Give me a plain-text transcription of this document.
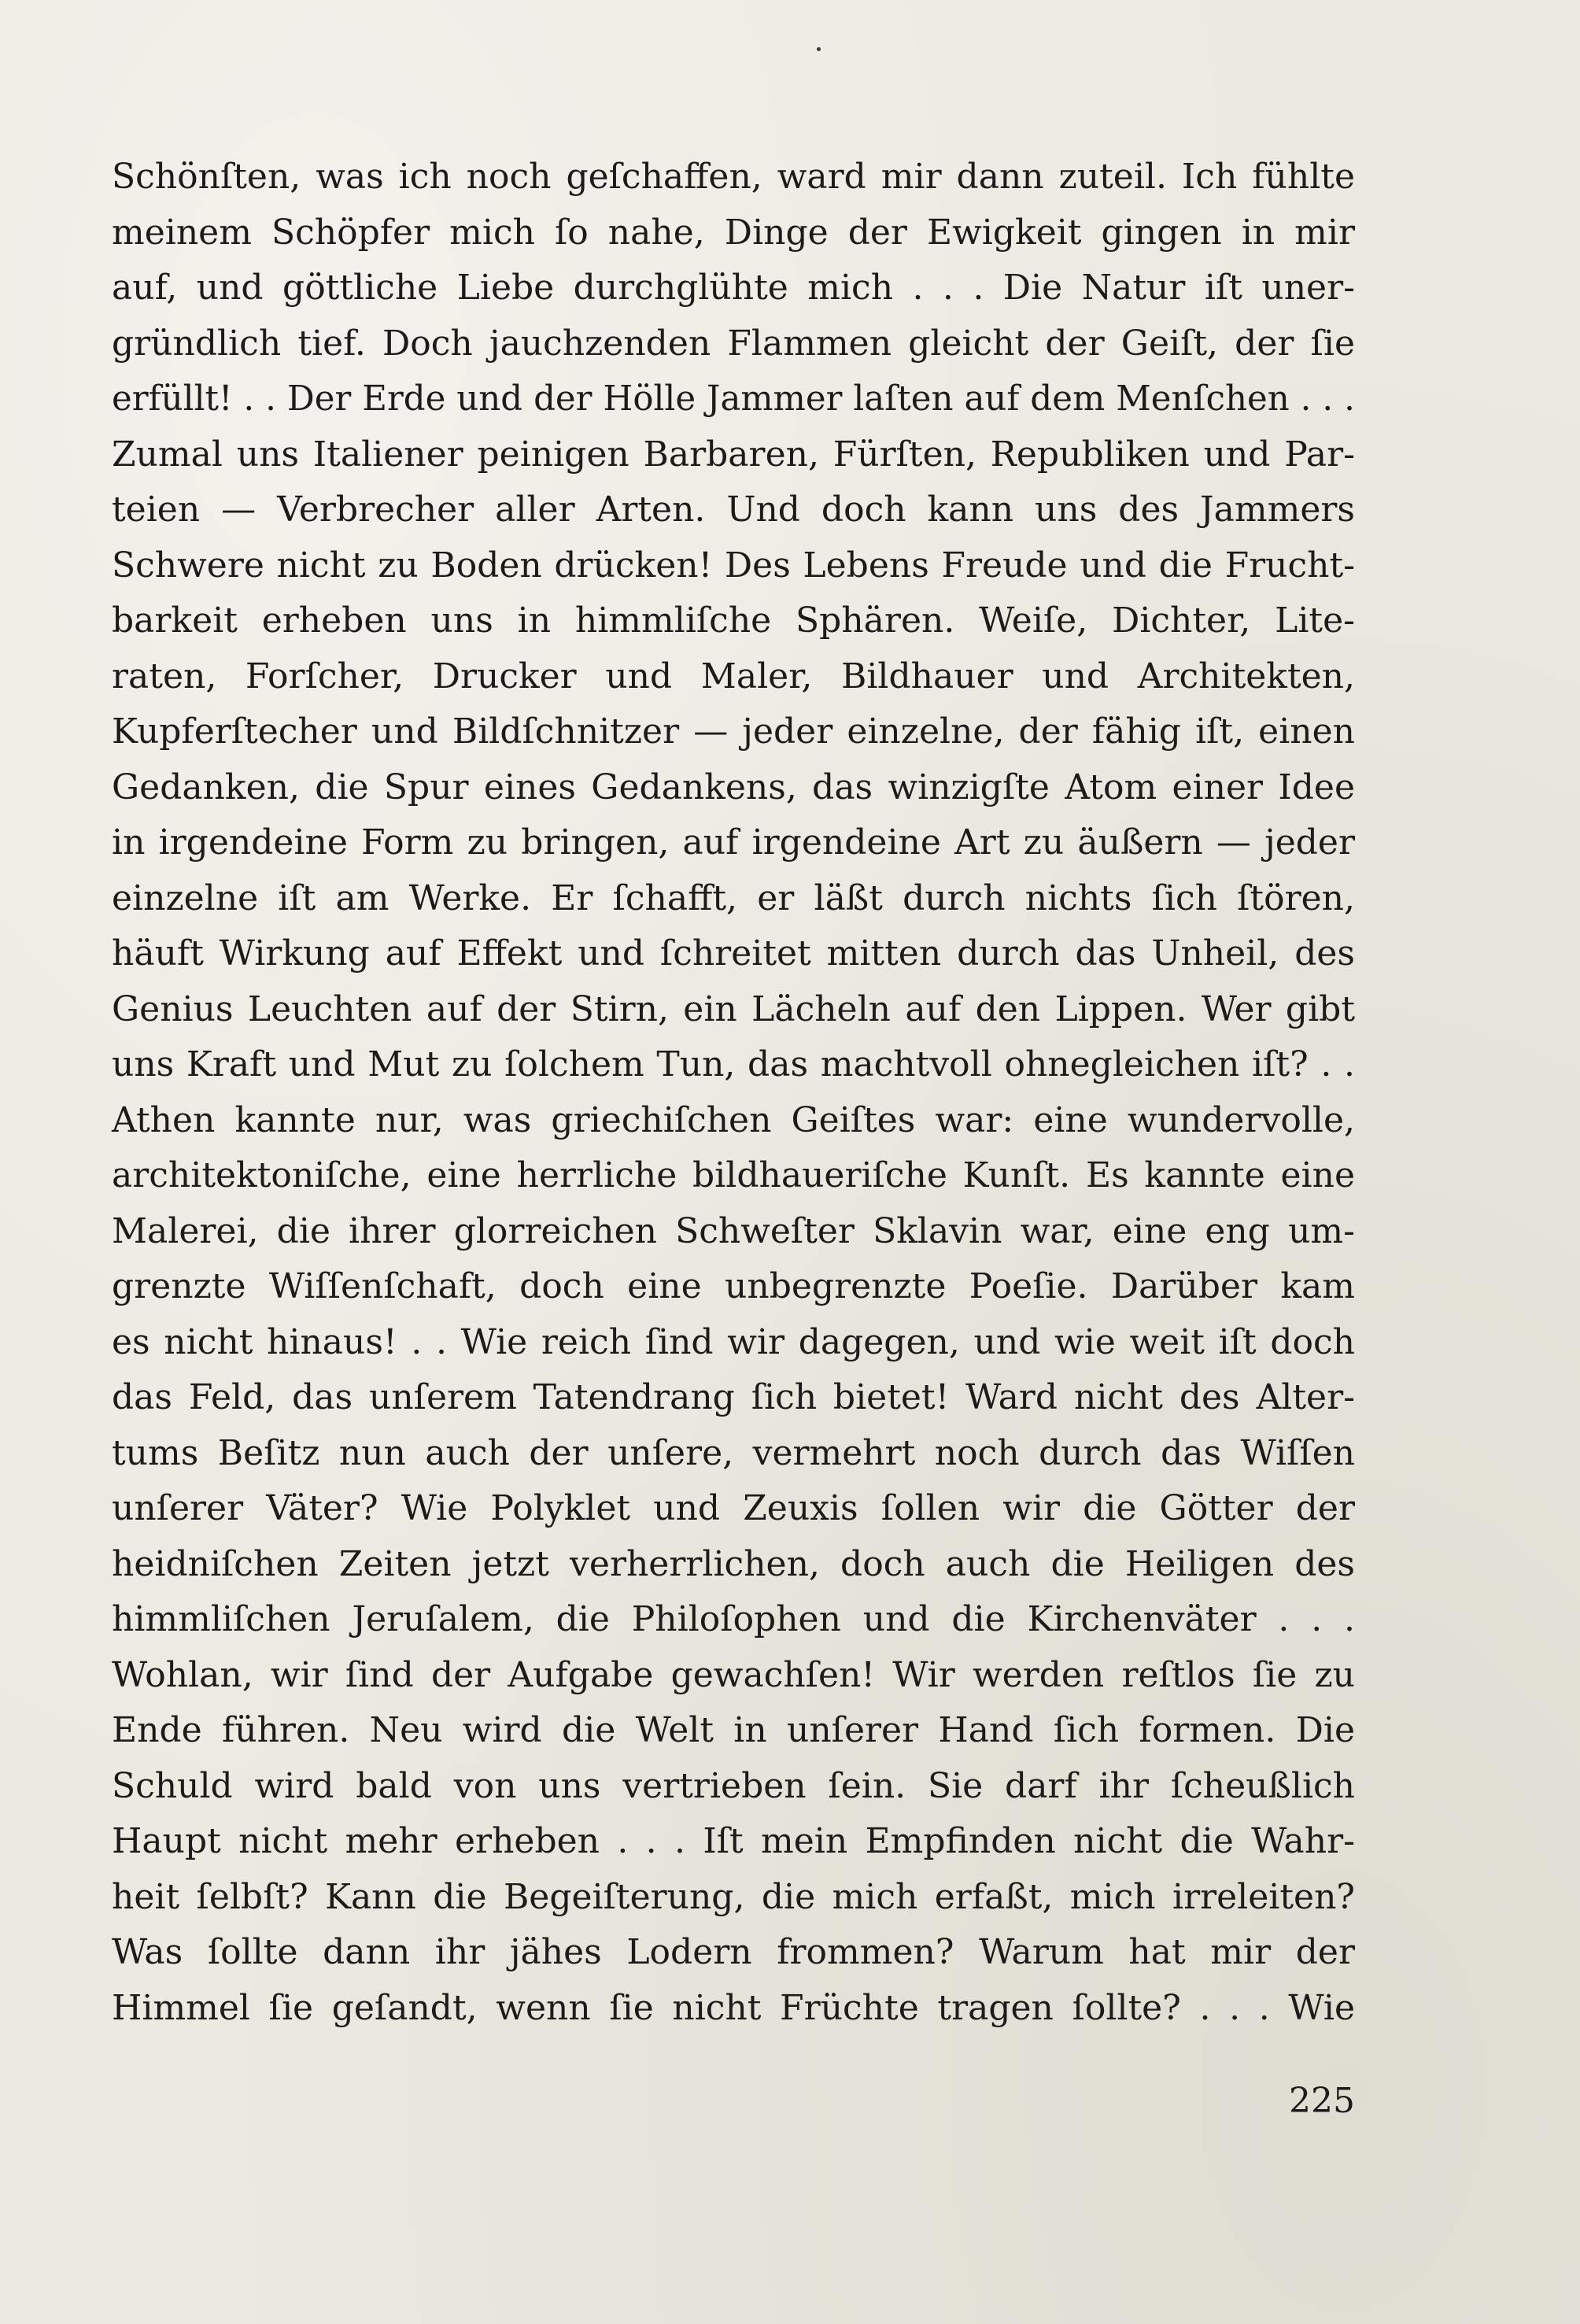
Schönſten, was ich noch geſchaffen, ward mir dann zuteil. Ich fühlte
meinem Schöpfer mich ſo nahe, Dinge der Ewigkeit gingen in mir
auf, und göttliche Liebe durchglühte mich . . . Die Natur iſt uner-
gründlich tief. Doch jauchzenden Flammen gleicht der Geiſt, der ſie
erfüllt! . . Der Erde und der Hölle Jammer laſten auf dem Menſchen . . .
Zumal uns Italiener peinigen Barbaren, Fürſten, Republiken und Par-
teien — Verbrecher aller Arten. Und doch kann uns des Jammers
Schwere nicht zu Boden drücken! Des Lebens Freude und die Frucht-
barkeit erheben uns in himmliſche Sphären. Weiſe, Dichter, Lite-
raten, Forſcher, Drucker und Maler, Bildhauer und Architekten,
Kupferſtecher und Bildſchnitzer — jeder einzelne, der fähig iſt, einen
Gedanken, die Spur eines Gedankens, das winzigſte Atom einer Idee
in irgendeine Form zu bringen, auf irgendeine Art zu äußern — jeder
einzelne iſt am Werke. Er ſchafft, er läßt durch nichts ſich ſtören,
häuft Wirkung auf Effekt und ſchreitet mitten durch das Unheil, des
Genius Leuchten auf der Stirn, ein Lächeln auf den Lippen. Wer gibt
uns Kraft und Mut zu ſolchem Tun, das machtvoll ohnegleichen iſt? . .
Athen kannte nur, was griechiſchen Geiſtes war: eine wundervolle,
architektoniſche, eine herrliche bildhaueriſche Kunſt. Es kannte eine
Malerei, die ihrer glorreichen Schweſter Sklavin war, eine eng um-
grenzte Wiſſenſchaft, doch eine unbegrenzte Poeſie. Darüber kam
es nicht hinaus! . . Wie reich ſind wir dagegen, und wie weit iſt doch
das Feld, das unſerem Tatendrang ſich bietet! Ward nicht des Alter-
tums Beſitz nun auch der unſere, vermehrt noch durch das Wiſſen
unſerer Väter? Wie Polyklet und Zeuxis ſollen wir die Götter der
heidniſchen Zeiten jetzt verherrlichen, doch auch die Heiligen des
himmliſchen Jeruſalem, die Philoſophen und die Kirchenväter . . .
Wohlan, wir ſind der Aufgabe gewachſen! Wir werden reſtlos ſie zu
Ende führen. Neu wird die Welt in unſerer Hand ſich formen. Die
Schuld wird bald von uns vertrieben ſein. Sie darf ihr ſcheußlich
Haupt nicht mehr erheben . . . Iſt mein Empfinden nicht die Wahr-
heit ſelbſt? Kann die Begeiſterung, die mich erfaßt, mich irreleiten?
Was ſollte dann ihr jähes Lodern frommen? Warum hat mir der
Himmel ſie geſandt, wenn ſie nicht Früchte tragen ſollte? . . . Wie
225
